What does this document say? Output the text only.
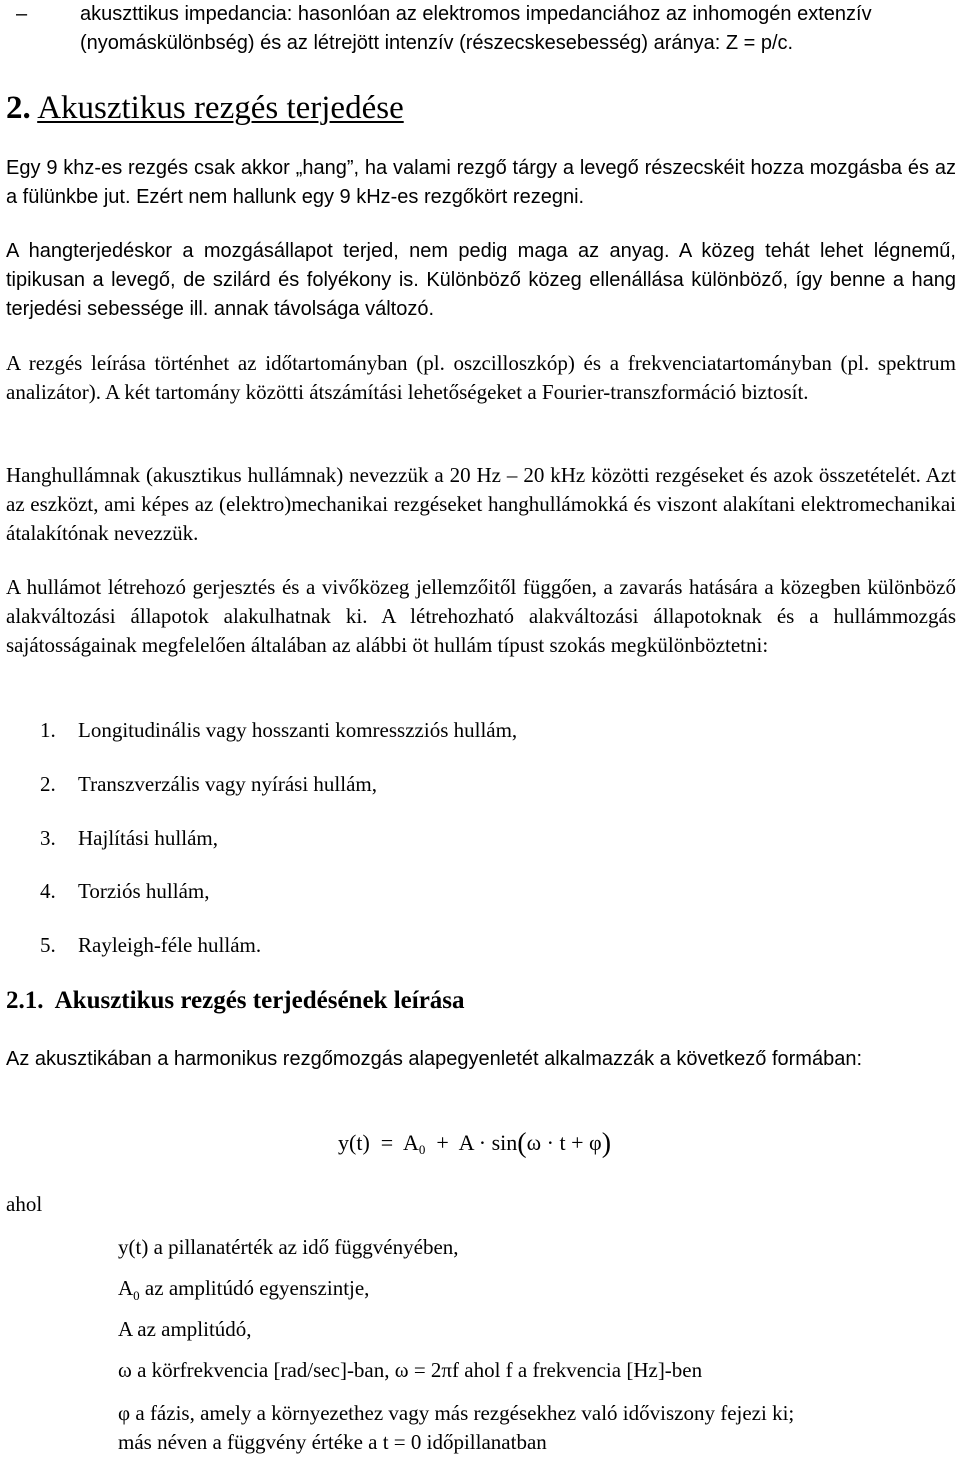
–	akuszttikus impedancia: hasonlóan az elektromos impedanciához az inhomogén extenzív
(nyomáskülönbség) és az létrejött intenzív (részecskesebesség) aránya: Z = p/c.
2. Akusztikus rezgés terjedése

Egy 9 khz-es rezgés csak akkor „hang”, ha valami rezgő tárgy a levegő részecskéit hozza mozgásba és az a fülünkbe jut. Ezért nem hallunk egy 9 kHz-es rezgőkört rezegni.

A hangterjedéskor a mozgásállapot terjed, nem pedig maga az anyag. A közeg tehát lehet légnemű, tipikusan a levegő, de szilárd és folyékony is. Különböző közeg ellenállása különböző, így benne a hang terjedési sebessége ill. annak távolsága változó.

A rezgés leírása történhet az időtartományban (pl. oszcilloszkóp) és a frekvenciatartományban (pl. spektrum analizátor). A két tartomány közötti átszámítási lehetőségeket a Fourier-transzformáció biztosít.

Hanghullámnak (akusztikus hullámnak) nevezzük a 20 Hz – 20 kHz közötti rezgéseket és azok összetételét. Azt az eszközt, ami képes az (elektro)mechanikai rezgéseket hanghullámokká és viszont alakítani elektromechanikai átalakítónak nevezzük.

A hullámot létrehozó gerjesztés és a vivőközeg jellemzőitől függően, a zavarás hatására a közegben különböző alakváltozási állapotok alakulhatnak ki. A létrehozható alakváltozási állapotoknak és a hullámmozgás sajátosságainak megfelelően általában az alábbi öt hullám típust szokás megkülönböztetni:

1. Longitudinális vagy hosszanti komresszziós hullám,
2. Transzverzális vagy nyírási hullám,
3. Hajlítási hullám,
4. Torziós hullám,
5. Rayleigh-féle hullám.
2.1. Akusztikus rezgés terjedésének leírása

Az akusztikában a harmonikus rezgőmozgás alapegyenletét alkalmazzák a következő formában:

$y(t) = A_0 + A \cdot \sin(\omega \cdot t + \varphi)$
ahol
y(t) a pillanatérték az idő függvényében,
$A_0$ az amplitúdó egyenszintje,
A az amplitúdó,
ω a körfrekvencia [rad/sec]-ban, ω = 2πf ahol f a frekvencia [Hz]-ben
φ a fázis, amely a környezethez vagy más rezgésekhez való időviszony fejezi ki;
más néven a függvény értéke a t = 0 időpillanatban
